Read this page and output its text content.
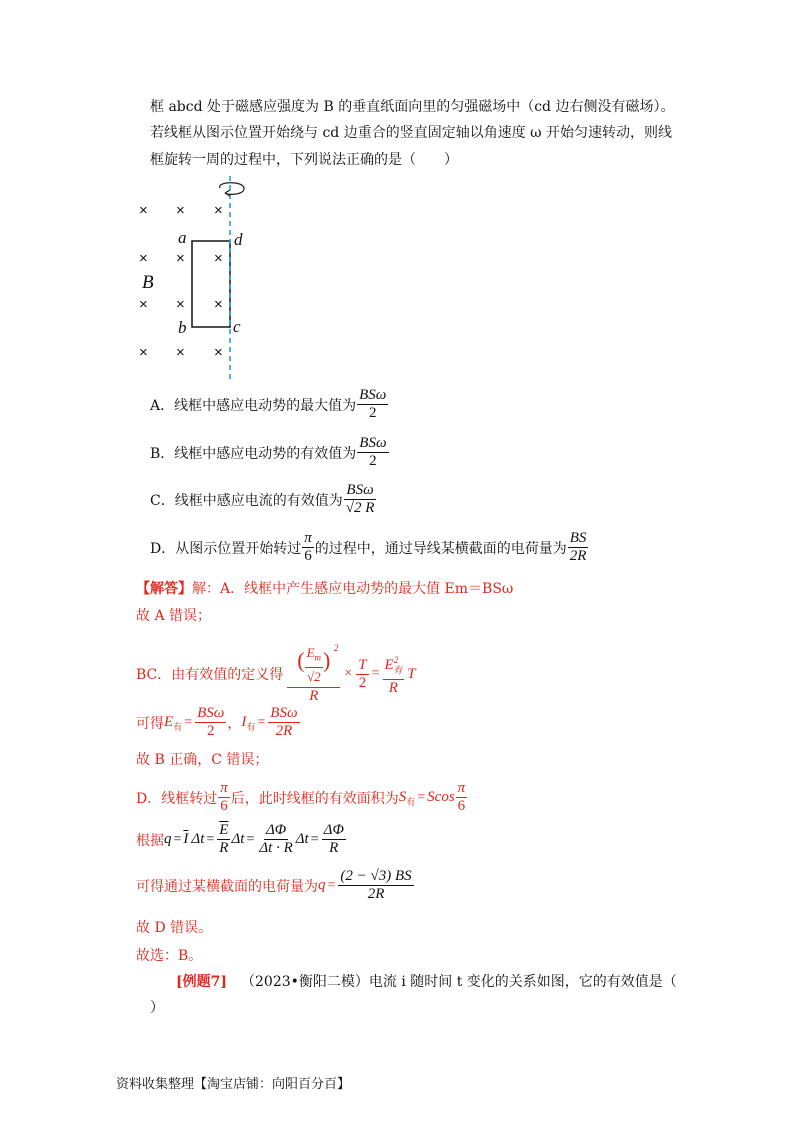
框 abcd 处于磁感应强度为 B 的垂直纸面向里的匀强磁场中（cd 边右侧没有磁场）。
若线框从图示位置开始绕与 cd 边重合的竖直固定轴以角速度 ω 开始匀速转动，则线
框旋转一周的过程中，下列说法正确的是（　　）
× × ×
× × ×
× × ×
× × ×
a	d
b	c
B
A．线框中感应电动势的最大值为 $\frac{\text{BSω}}{2}$
B．线框中感应电动势的有效值为 $\frac{\text{BSω}}{2}$
C．线框中感应电流的有效值为 $\frac{\text{BSω}}{√2 R}$
D．从图示位置开始转过 $\frac{\pi}{6}$ 的过程中，通过导线某横截面的电荷量为 $\frac{BS}{2R}$
【解答】解：A．线框中产生感应电动势的最大值 Em＝BSω
故 A 错误；
BC．由有效值的定义得 $\frac{( \frac{E_m}{√2} ) 2}{R} \times \frac{T}{2} = \frac{E^2_有}{R}$ T
可得 $E_有 = \frac{\text{BSω}}{2}$ ， $I_有 = \frac{\text{BSω}}{2R}$
故 B 正确，C 错误；
D．线框转过 $\frac{\pi}{6}$ 后，此时线框的有效面积为 $S_有 = Scos \frac{\pi}{6}$
根据 $q = \overline{I}$ $\Delta t = \frac{\overline{E}}{R}$ $\Delta t = \frac{\Delta\Phi}{\Delta t \cdot R}$ $\Delta t = \frac{\Delta\Phi}{R}$
可得通过某横截面的电荷量为 $q = \frac{(2 - √3) BS}{2R}$
故 D 错误。
故选：B。
[例题7] （2023•衡阳二模）电流 i 随时间 t 变化的关系如图，它的有效值是（
）
资料收集整理【淘宝店铺：向阳百分百】
